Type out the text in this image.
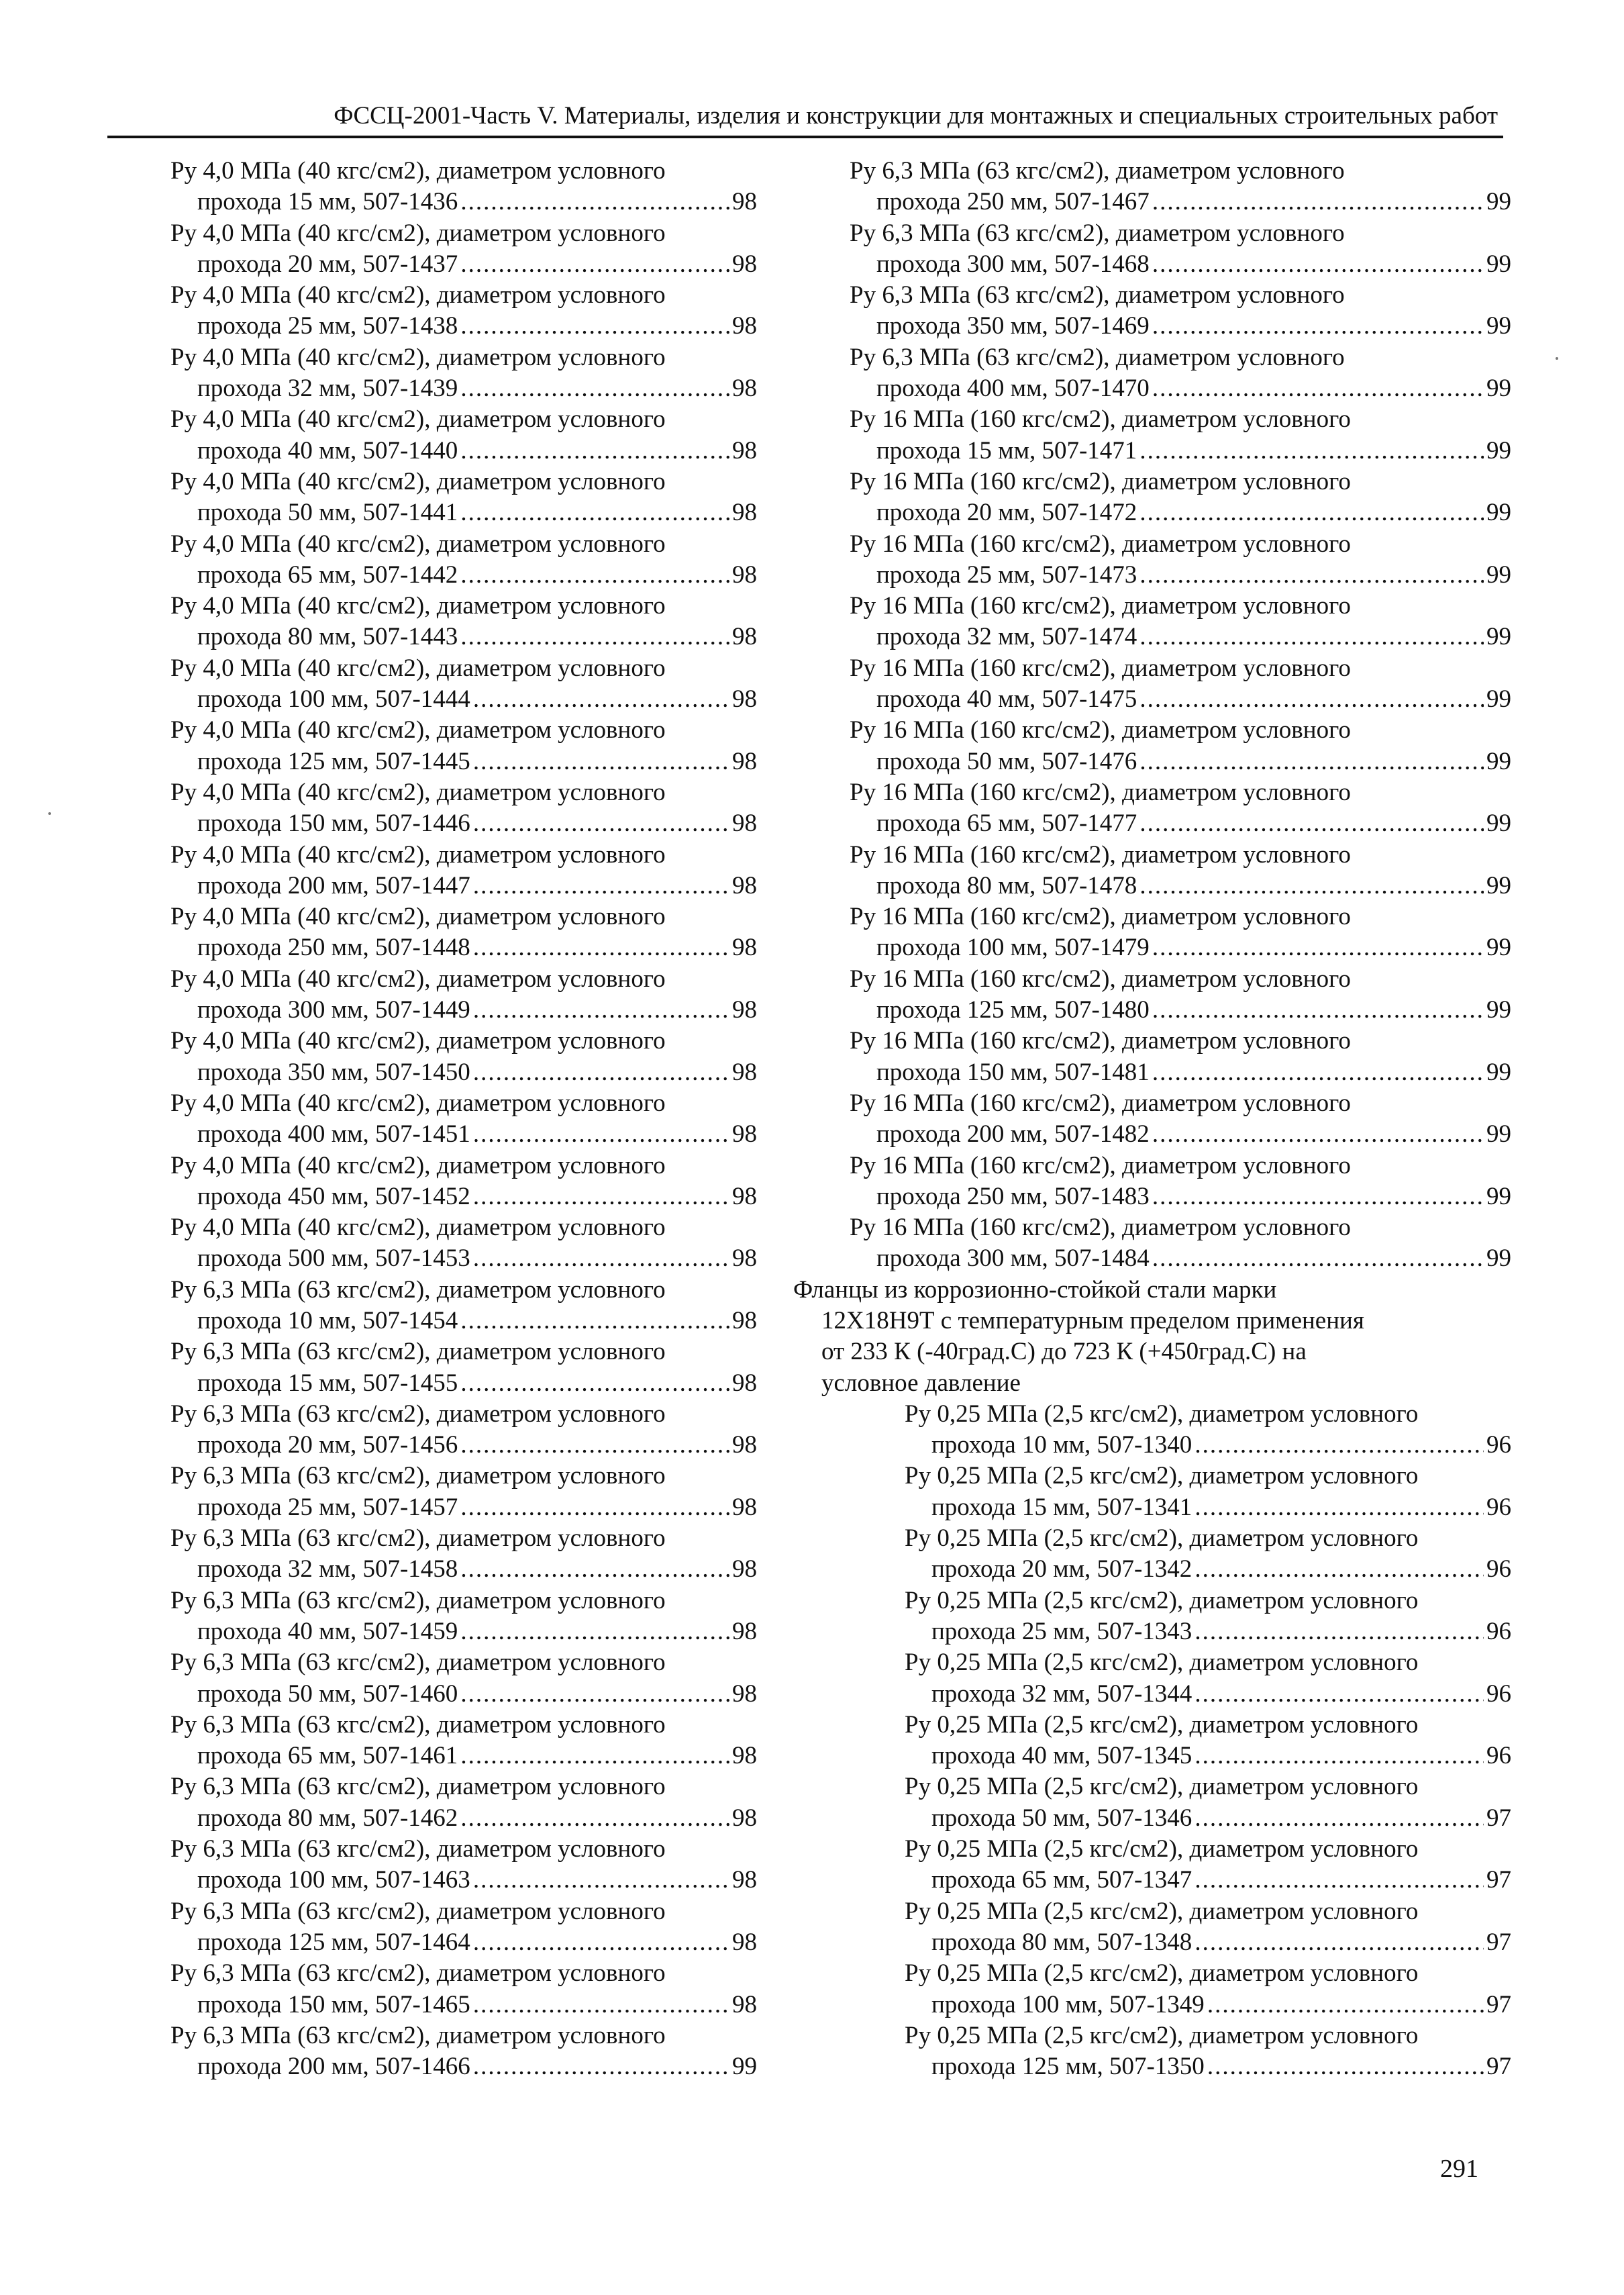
ФССЦ-2001-Часть V. Материалы, изделия и конструкции для монтажных и специальных строительных работ
Ру 4,0 МПа (40 кгс/см2), диаметром условного
прохода 15 мм, 507-1436 .....	98
Ру 4,0 МПа (40 кгс/см2), диаметром условного
прохода 20 мм, 507-1437 .....	98
Ру 4,0 МПа (40 кгс/см2), диаметром условного
прохода 25 мм, 507-1438 .....	98
Ру 4,0 МПа (40 кгс/см2), диаметром условного
прохода 32 мм, 507-1439 .....	98
Ру 4,0 МПа (40 кгс/см2), диаметром условного
прохода 40 мм, 507-1440 .....	98
Ру 4,0 МПа (40 кгс/см2), диаметром условного
прохода 50 мм, 507-1441 .....	98
Ру 4,0 МПа (40 кгс/см2), диаметром условного
прохода 65 мм, 507-1442 .....	98
Ру 4,0 МПа (40 кгс/см2), диаметром условного
прохода 80 мм, 507-1443 .....	98
Ру 4,0 МПа (40 кгс/см2), диаметром условного
прохода 100 мм, 507-1444 .....	98
Ру 4,0 МПа (40 кгс/см2), диаметром условного
прохода 125 мм, 507-1445 .....	98
Ру 4,0 МПа (40 кгс/см2), диаметром условного
прохода 150 мм, 507-1446 .....	98
Ру 4,0 МПа (40 кгс/см2), диаметром условного
прохода 200 мм, 507-1447 .....	98
Ру 4,0 МПа (40 кгс/см2), диаметром условного
прохода 250 мм, 507-1448 .....	98
Ру 4,0 МПа (40 кгс/см2), диаметром условного
прохода 300 мм, 507-1449 .....	98
Ру 4,0 МПа (40 кгс/см2), диаметром условного
прохода 350 мм, 507-1450 .....	98
Ру 4,0 МПа (40 кгс/см2), диаметром условного
прохода 400 мм, 507-1451 .....	98
Ру 4,0 МПа (40 кгс/см2), диаметром условного
прохода 450 мм, 507-1452 .....	98
Ру 4,0 МПа (40 кгс/см2), диаметром условного
прохода 500 мм, 507-1453 .....	98
Ру 6,3 МПа (63 кгс/см2), диаметром условного
прохода 10 мм, 507-1454 .....	98
Ру 6,3 МПа (63 кгс/см2), диаметром условного
прохода 15 мм, 507-1455 .....	98
Ру 6,3 МПа (63 кгс/см2), диаметром условного
прохода 20 мм, 507-1456 .....	98
Ру 6,3 МПа (63 кгс/см2), диаметром условного
прохода 25 мм, 507-1457 .....	98
Ру 6,3 МПа (63 кгс/см2), диаметром условного
прохода 32 мм, 507-1458 .....	98
Ру 6,3 МПа (63 кгс/см2), диаметром условного
прохода 40 мм, 507-1459 .....	98
Ру 6,3 МПа (63 кгс/см2), диаметром условного
прохода 50 мм, 507-1460 .....	98
Ру 6,3 МПа (63 кгс/см2), диаметром условного
прохода 65 мм, 507-1461 .....	98
Ру 6,3 МПа (63 кгс/см2), диаметром условного
прохода 80 мм, 507-1462 .....	98
Ру 6,3 МПа (63 кгс/см2), диаметром условного
прохода 100 мм, 507-1463 .....	98
Ру 6,3 МПа (63 кгс/см2), диаметром условного
прохода 125 мм, 507-1464 .....	98
Ру 6,3 МПа (63 кгс/см2), диаметром условного
прохода 150 мм, 507-1465 .....	98
Ру 6,3 МПа (63 кгс/см2), диаметром условного
прохода 200 мм, 507-1466 .....	99
Ру 6,3 МПа (63 кгс/см2), диаметром условного
прохода 250 мм, 507-1467 .....	99
Ру 6,3 МПа (63 кгс/см2), диаметром условного
прохода 300 мм, 507-1468 .....	99
Ру 6,3 МПа (63 кгс/см2), диаметром условного
прохода 350 мм, 507-1469 .....	99
Ру 6,3 МПа (63 кгс/см2), диаметром условного
прохода 400 мм, 507-1470 .....	99
Ру 16 МПа (160 кгс/см2), диаметром условного
прохода 15 мм, 507-1471 .....	99
Ру 16 МПа (160 кгс/см2), диаметром условного
прохода 20 мм, 507-1472 .....	99
Ру 16 МПа (160 кгс/см2), диаметром условного
прохода 25 мм, 507-1473 .....	99
Ру 16 МПа (160 кгс/см2), диаметром условного
прохода 32 мм, 507-1474 .....	99
Ру 16 МПа (160 кгс/см2), диаметром условного
прохода 40 мм, 507-1475 .....	99
Ру 16 МПа (160 кгс/см2), диаметром условного
прохода 50 мм, 507-1476 .....	99
Ру 16 МПа (160 кгс/см2), диаметром условного
прохода 65 мм, 507-1477 .....	99
Ру 16 МПа (160 кгс/см2), диаметром условного
прохода 80 мм, 507-1478 .....	99
Ру 16 МПа (160 кгс/см2), диаметром условного
прохода 100 мм, 507-1479 .....	99
Ру 16 МПа (160 кгс/см2), диаметром условного
прохода 125 мм, 507-1480 .....	99
Ру 16 МПа (160 кгс/см2), диаметром условного
прохода 150 мм, 507-1481 .....	99
Ру 16 МПа (160 кгс/см2), диаметром условного
прохода 200 мм, 507-1482 .....	99
Ру 16 МПа (160 кгс/см2), диаметром условного
прохода 250 мм, 507-1483 .....	99
Ру 16 МПа (160 кгс/см2), диаметром условного
прохода 300 мм, 507-1484 .....	99
Фланцы из коррозионно-стойкой стали марки
12Х18Н9Т с температурным пределом применения
от 233 К (-40град.С) до 723 К (+450град.С) на
условное давление
Ру 0,25 МПа (2,5 кгс/см2), диаметром условного
прохода 10 мм, 507-1340 .....	96
Ру 0,25 МПа (2,5 кгс/см2), диаметром условного
прохода 15 мм, 507-1341 .....	96
Ру 0,25 МПа (2,5 кгс/см2), диаметром условного
прохода 20 мм, 507-1342 .....	96
Ру 0,25 МПа (2,5 кгс/см2), диаметром условного
прохода 25 мм, 507-1343 .....	96
Ру 0,25 МПа (2,5 кгс/см2), диаметром условного
прохода 32 мм, 507-1344 .....	96
Ру 0,25 МПа (2,5 кгс/см2), диаметром условного
прохода 40 мм, 507-1345 .....	96
Ру 0,25 МПа (2,5 кгс/см2), диаметром условного
прохода 50 мм, 507-1346 .....	97
Ру 0,25 МПа (2,5 кгс/см2), диаметром условного
прохода 65 мм, 507-1347 .....	97
Ру 0,25 МПа (2,5 кгс/см2), диаметром условного
прохода 80 мм, 507-1348 .....	97
Ру 0,25 МПа (2,5 кгс/см2), диаметром условного
прохода 100 мм, 507-1349 .....	97
Ру 0,25 МПа (2,5 кгс/см2), диаметром условного
прохода 125 мм, 507-1350 .....	97
291
